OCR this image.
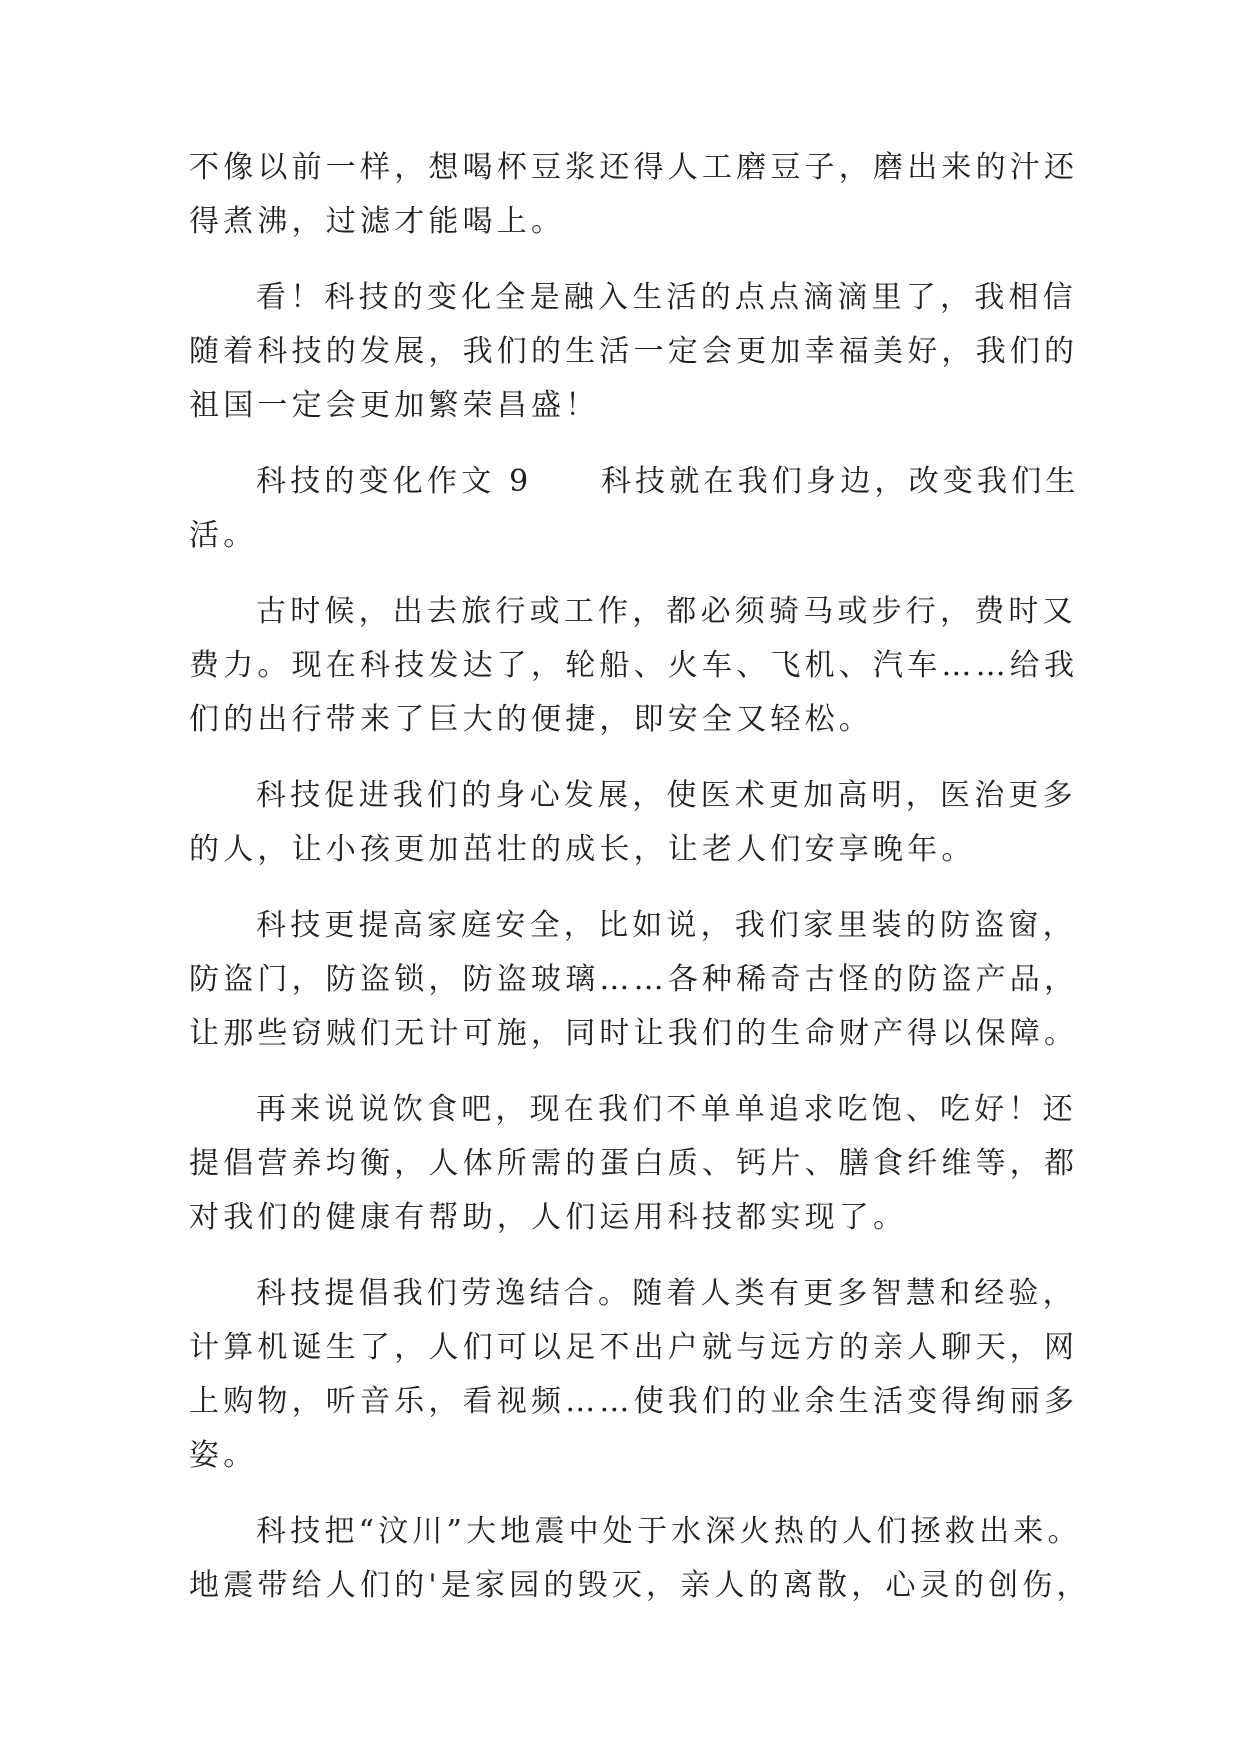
不像以前一样，想喝杯豆浆还得人工磨豆子，磨出来的汁还
得煮沸，过滤才能喝上。
看！科技的变化全是融入生活的点点滴滴里了，我相信
随着科技的发展，我们的生活一定会更加幸福美好，我们的
祖国一定会更加繁荣昌盛！
科技的变化作文 9　　科技就在我们身边，改变我们生
活。
古时候，出去旅行或工作，都必须骑马或步行，费时又
费力。现在科技发达了，轮船、火车、飞机、汽车……给我
们的出行带来了巨大的便捷，即安全又轻松。
科技促进我们的身心发展，使医术更加高明，医治更多
的人，让小孩更加茁壮的成长，让老人们安享晚年。
科技更提高家庭安全，比如说，我们家里装的防盗窗，
防盗门，防盗锁，防盗玻璃……各种稀奇古怪的防盗产品，
让那些窃贼们无计可施，同时让我们的生命财产得以保障。
再来说说饮食吧，现在我们不单单追求吃饱、吃好！还
提倡营养均衡，人体所需的蛋白质、钙片、膳食纤维等，都
对我们的健康有帮助，人们运用科技都实现了。
科技提倡我们劳逸结合。随着人类有更多智慧和经验，
计算机诞生了，人们可以足不出户就与远方的亲人聊天，网
上购物，听音乐，看视频……使我们的业余生活变得绚丽多
姿。
科技把“汶川”大地震中处于水深火热的人们拯救出来。
地震带给人们的'是家园的毁灭，亲人的离散，心灵的创伤，
